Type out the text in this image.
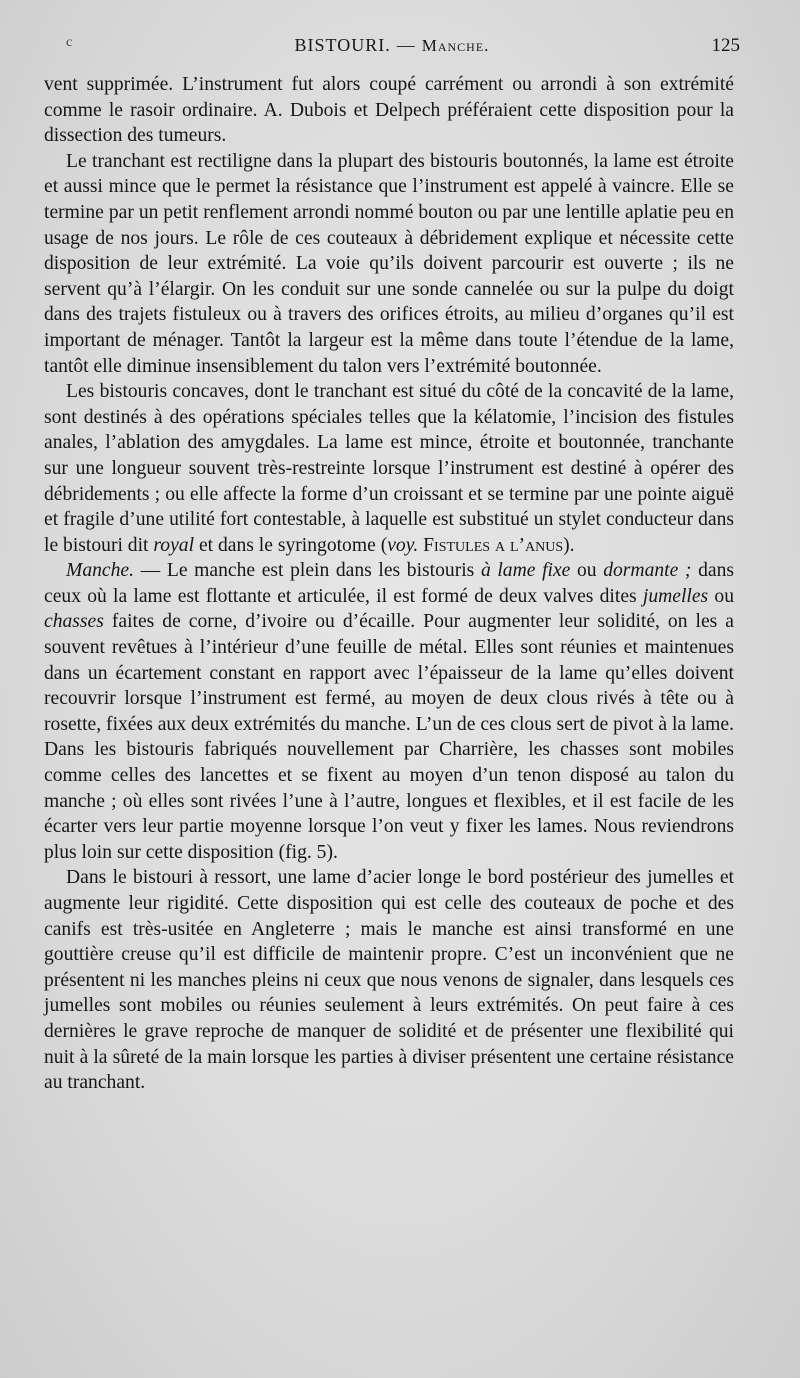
c	BISTOURI. — Manche.	125

vent supprimée. L’instrument fut alors coupé carrément ou arrondi à son extrémité comme le rasoir ordinaire. A. Dubois et Delpech préféraient cette disposition pour la dissection des tumeurs.

Le tranchant est rectiligne dans la plupart des bistouris boutonnés, la lame est étroite et aussi mince que le permet la résistance que l’instrument est appelé à vaincre. Elle se termine par un petit renflement arrondi nommé bouton ou par une lentille aplatie peu en usage de nos jours. Le rôle de ces couteaux à débridement explique et nécessite cette disposition de leur extrémité. La voie qu’ils doivent parcourir est ouverte ; ils ne servent qu’à l’élargir. On les conduit sur une sonde cannelée ou sur la pulpe du doigt dans des trajets fistuleux ou à travers des orifices étroits, au milieu d’organes qu’il est important de ménager. Tantôt la largeur est la même dans toute l’étendue de la lame, tantôt elle diminue insensiblement du talon vers l’extrémité boutonnée.

Les bistouris concaves, dont le tranchant est situé du côté de la concavité de la lame, sont destinés à des opérations spéciales telles que la kélatomie, l’incision des fistules anales, l’ablation des amygdales. La lame est mince, étroite et boutonnée, tranchante sur une longueur souvent très-restreinte lorsque l’instrument est destiné à opérer des débridements ; ou elle affecte la forme d’un croissant et se termine par une pointe aiguë et fragile d’une utilité fort contestable, à laquelle est substitué un stylet conducteur dans le bistouri dit royal et dans le syringotome (voy. Fistules a l’anus).

Manche. — Le manche est plein dans les bistouris à lame fixe ou dormante ; dans ceux où la lame est flottante et articulée, il est formé de deux valves dites jumelles ou chasses faites de corne, d’ivoire ou d’écaille. Pour augmenter leur solidité, on les a souvent revêtues à l’intérieur d’une feuille de métal. Elles sont réunies et maintenues dans un écartement constant en rapport avec l’épaisseur de la lame qu’elles doivent recouvrir lorsque l’instrument est fermé, au moyen de deux clous rivés à tête ou à rosette, fixées aux deux extrémités du manche. L’un de ces clous sert de pivot à la lame. Dans les bistouris fabriqués nouvellement par Charrière, les chasses sont mobiles comme celles des lancettes et se fixent au moyen d’un tenon disposé au talon du manche ; où elles sont rivées l’une à l’autre, longues et flexibles, et il est facile de les écarter vers leur partie moyenne lorsque l’on veut y fixer les lames. Nous reviendrons plus loin sur cette disposition (fig. 5).

Dans le bistouri à ressort, une lame d’acier longe le bord postérieur des jumelles et augmente leur rigidité. Cette disposition qui est celle des couteaux de poche et des canifs est très-usitée en Angleterre ; mais le manche est ainsi transformé en une gouttière creuse qu’il est difficile de maintenir propre. C’est un inconvénient que ne présentent ni les manches pleins ni ceux que nous venons de signaler, dans lesquels ces jumelles sont mobiles ou réunies seulement à leurs extrémités. On peut faire à ces dernières le grave reproche de manquer de solidité et de présenter une flexibilité qui nuit à la sûreté de la main lorsque les parties à diviser présentent une certaine résistance au tranchant.
